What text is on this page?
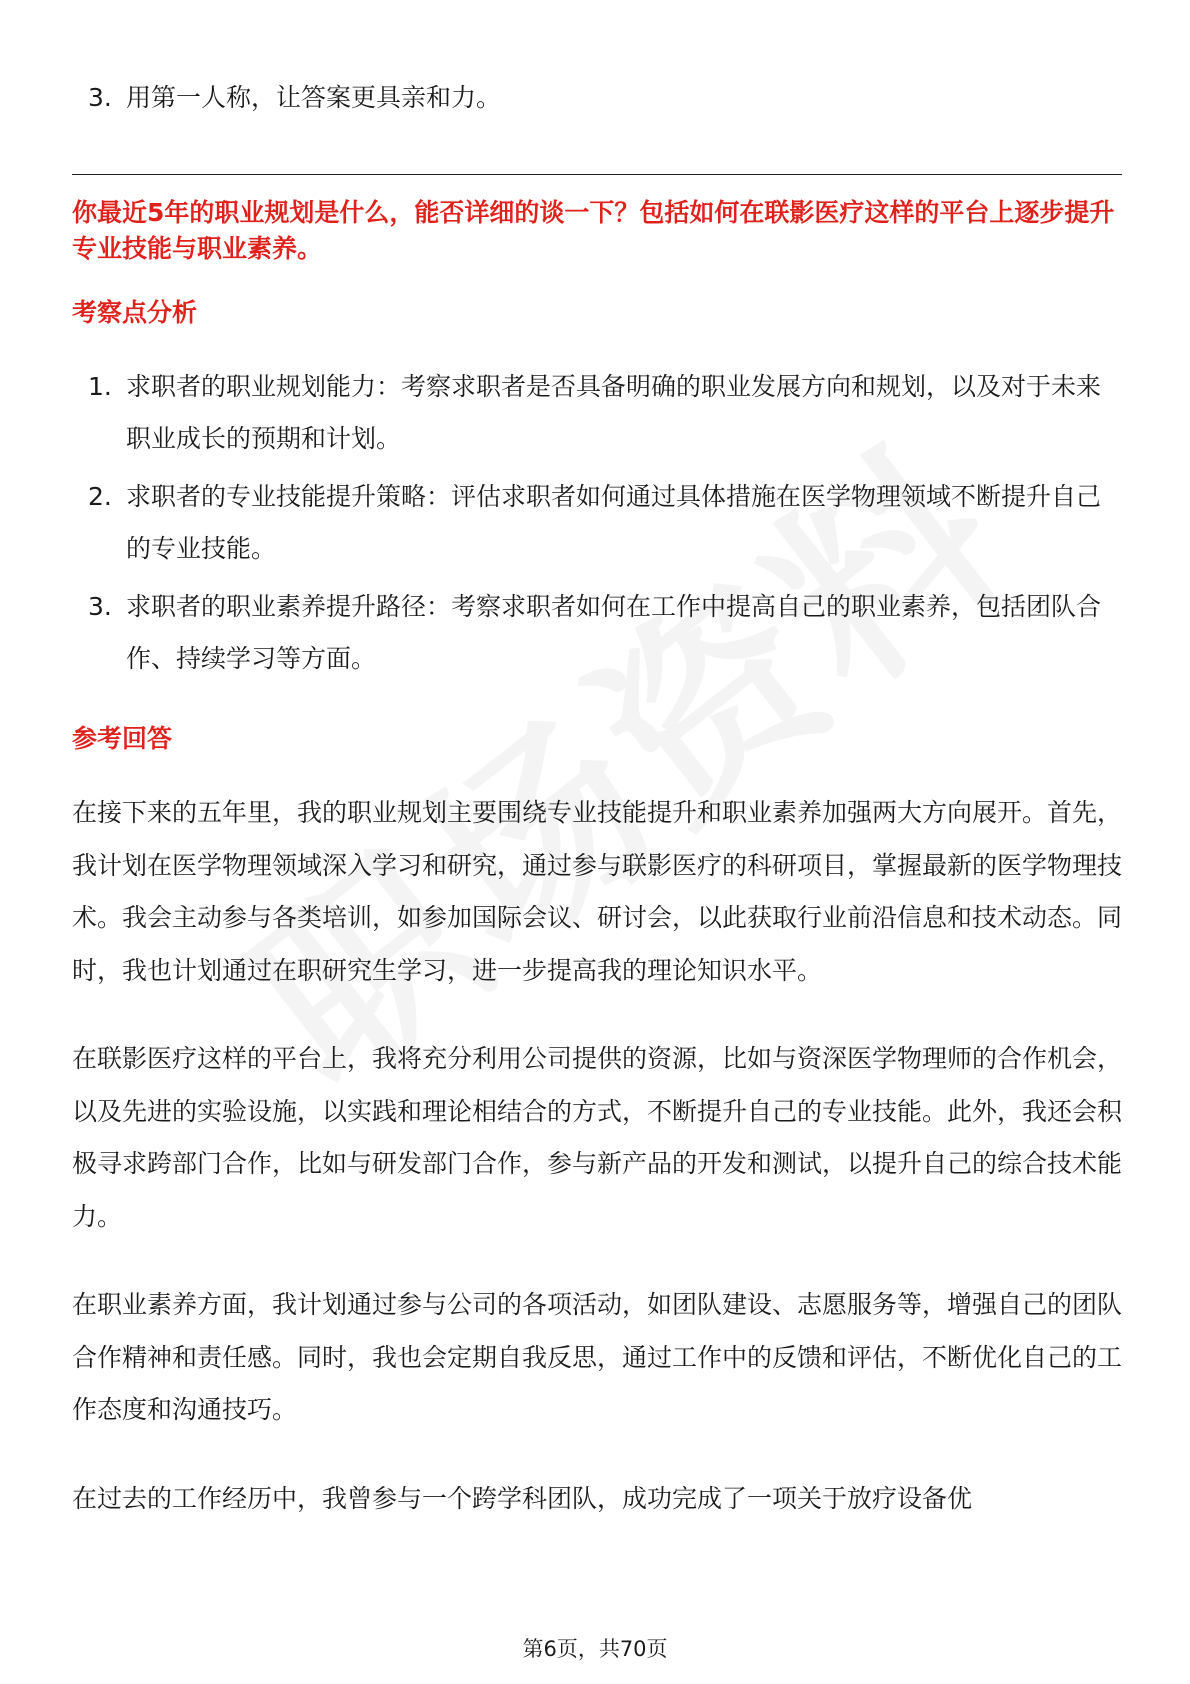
3. 用第一人称，让答案更具亲和力。

你最近5年的职业规划是什么，能否详细的谈一下？包括如何在联影医疗这样的平台上逐步提升专业技能与职业素养。

考察点分析
1. 求职者的职业规划能力：考察求职者是否具备明确的职业发展方向和规划，以及对于未来职业成长的预期和计划。
2. 求职者的专业技能提升策略：评估求职者如何通过具体措施在医学物理领域不断提升自己的专业技能。
3. 求职者的职业素养提升路径：考察求职者如何在工作中提高自己的职业素养，包括团队合作、持续学习等方面。
参考回答

在接下来的五年里，我的职业规划主要围绕专业技能提升和职业素养加强两大方向展开。首先，我计划在医学物理领域深入学习和研究，通过参与联影医疗的科研项目，掌握最新的医学物理技术。我会主动参与各类培训，如参加国际会议、研讨会，以此获取行业前沿信息和技术动态。同时，我也计划通过在职研究生学习，进一步提高我的理论知识水平。

在联影医疗这样的平台上，我将充分利用公司提供的资源，比如与资深医学物理师的合作机会，以及先进的实验设施，以实践和理论相结合的方式，不断提升自己的专业技能。此外，我还会积极寻求跨部门合作，比如与研发部门合作，参与新产品的开发和测试，以提升自己的综合技术能力。

在职业素养方面，我计划通过参与公司的各项活动，如团队建设、志愿服务等，增强自己的团队合作精神和责任感。同时，我也会定期自我反思，通过工作中的反馈和评估，不断优化自己的工作态度和沟通技巧。

在过去的工作经历中，我曾参与一个跨学科团队，成功完成了一项关于放疗设备优

第6页，共70页
